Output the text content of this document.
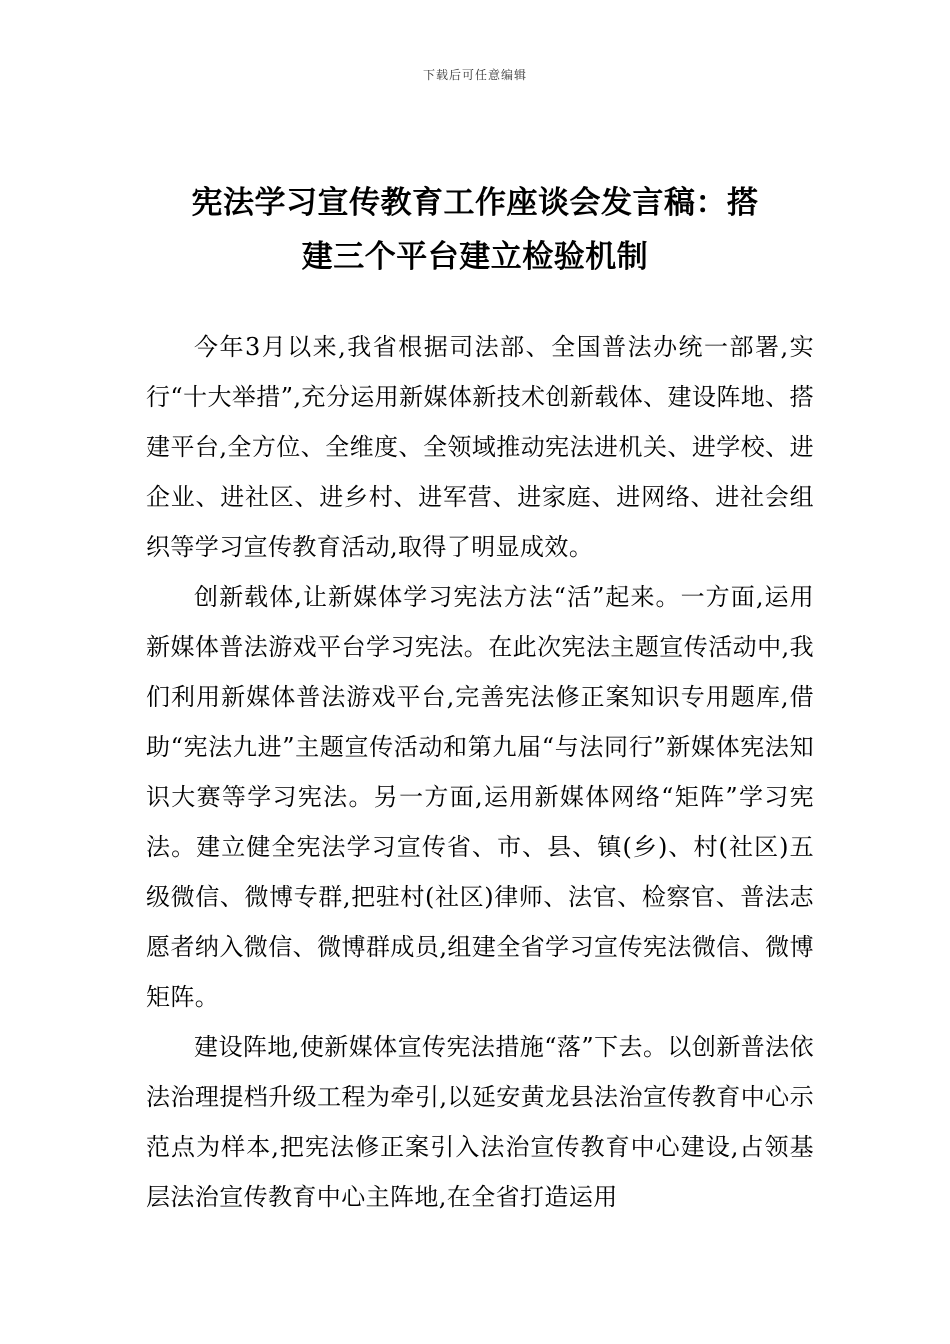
下载后可任意编辑
宪法学习宣传教育工作座谈会发言稿：搭
建三个平台建立检验机制

今年3月以来,我省根据司法部、全国普法办统一部署,实行“十大举措”,充分运用新媒体新技术创新载体、建设阵地、搭建平台,全方位、全维度、全领域推动宪法进机关、进学校、进企业、进社区、进乡村、进军营、进家庭、进网络、进社会组织等学习宣传教育活动,取得了明显成效。

创新载体,让新媒体学习宪法方法“活”起来。一方面,运用新媒体普法游戏平台学习宪法。在此次宪法主题宣传活动中,我们利用新媒体普法游戏平台,完善宪法修正案知识专用题库,借助“宪法九进”主题宣传活动和第九届“与法同行”新媒体宪法知识大赛等学习宪法。另一方面,运用新媒体网络“矩阵”学习宪法。建立健全宪法学习宣传省、市、县、镇(乡)、村(社区)五级微信、微博专群,把驻村(社区)律师、法官、检察官、普法志愿者纳入微信、微博群成员,组建全省学习宣传宪法微信、微博矩阵。

建设阵地,使新媒体宣传宪法措施“落”下去。以创新普法依法治理提档升级工程为牵引,以延安黄龙县法治宣传教育中心示范点为样本,把宪法修正案引入法治宣传教育中心建设,占领基层法治宣传教育中心主阵地,在全省打造运用
